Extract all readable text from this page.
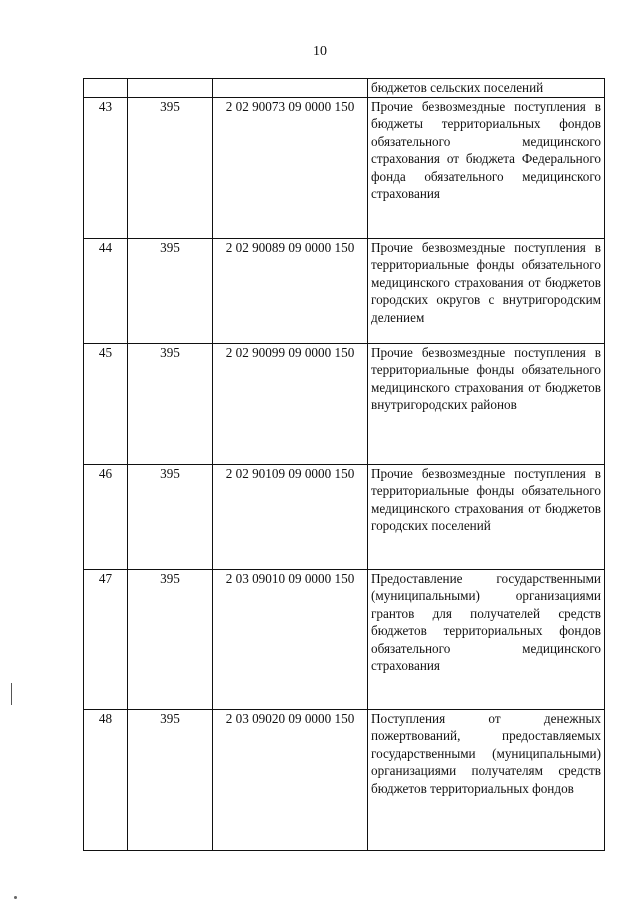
10
			бюджетов сельских поселений
43	395	2 02 90073 09 0000 150	Прочие безвозмездные поступления в бюджеты территориальных фондов обязательного медицинского страхования от бюджета Федерального фонда обязательного медицинского страхования
44	395	2 02 90089 09 0000 150	Прочие безвозмездные поступления в территориальные фонды обязательного медицинского страхования от бюджетов городских округов с внутригородским делением
45	395	2 02 90099 09 0000 150	Прочие безвозмездные поступления в территориальные фонды обязательного медицинского страхования от бюджетов внутригородских районов
46	395	2 02 90109 09 0000 150	Прочие безвозмездные поступления в территориальные фонды обязательного медицинского страхования от бюджетов городских поселений
47	395	2 03 09010 09 0000 150	Предоставление государственными (муниципальными) организациями грантов для получателей средств бюджетов территориальных фондов обязательного медицинского страхования
48	395	2 03 09020 09 0000 150	Поступления от денежных пожертвований, предоставляемых государственными (муниципальными) организациями получателям средств бюджетов территориальных фондов
